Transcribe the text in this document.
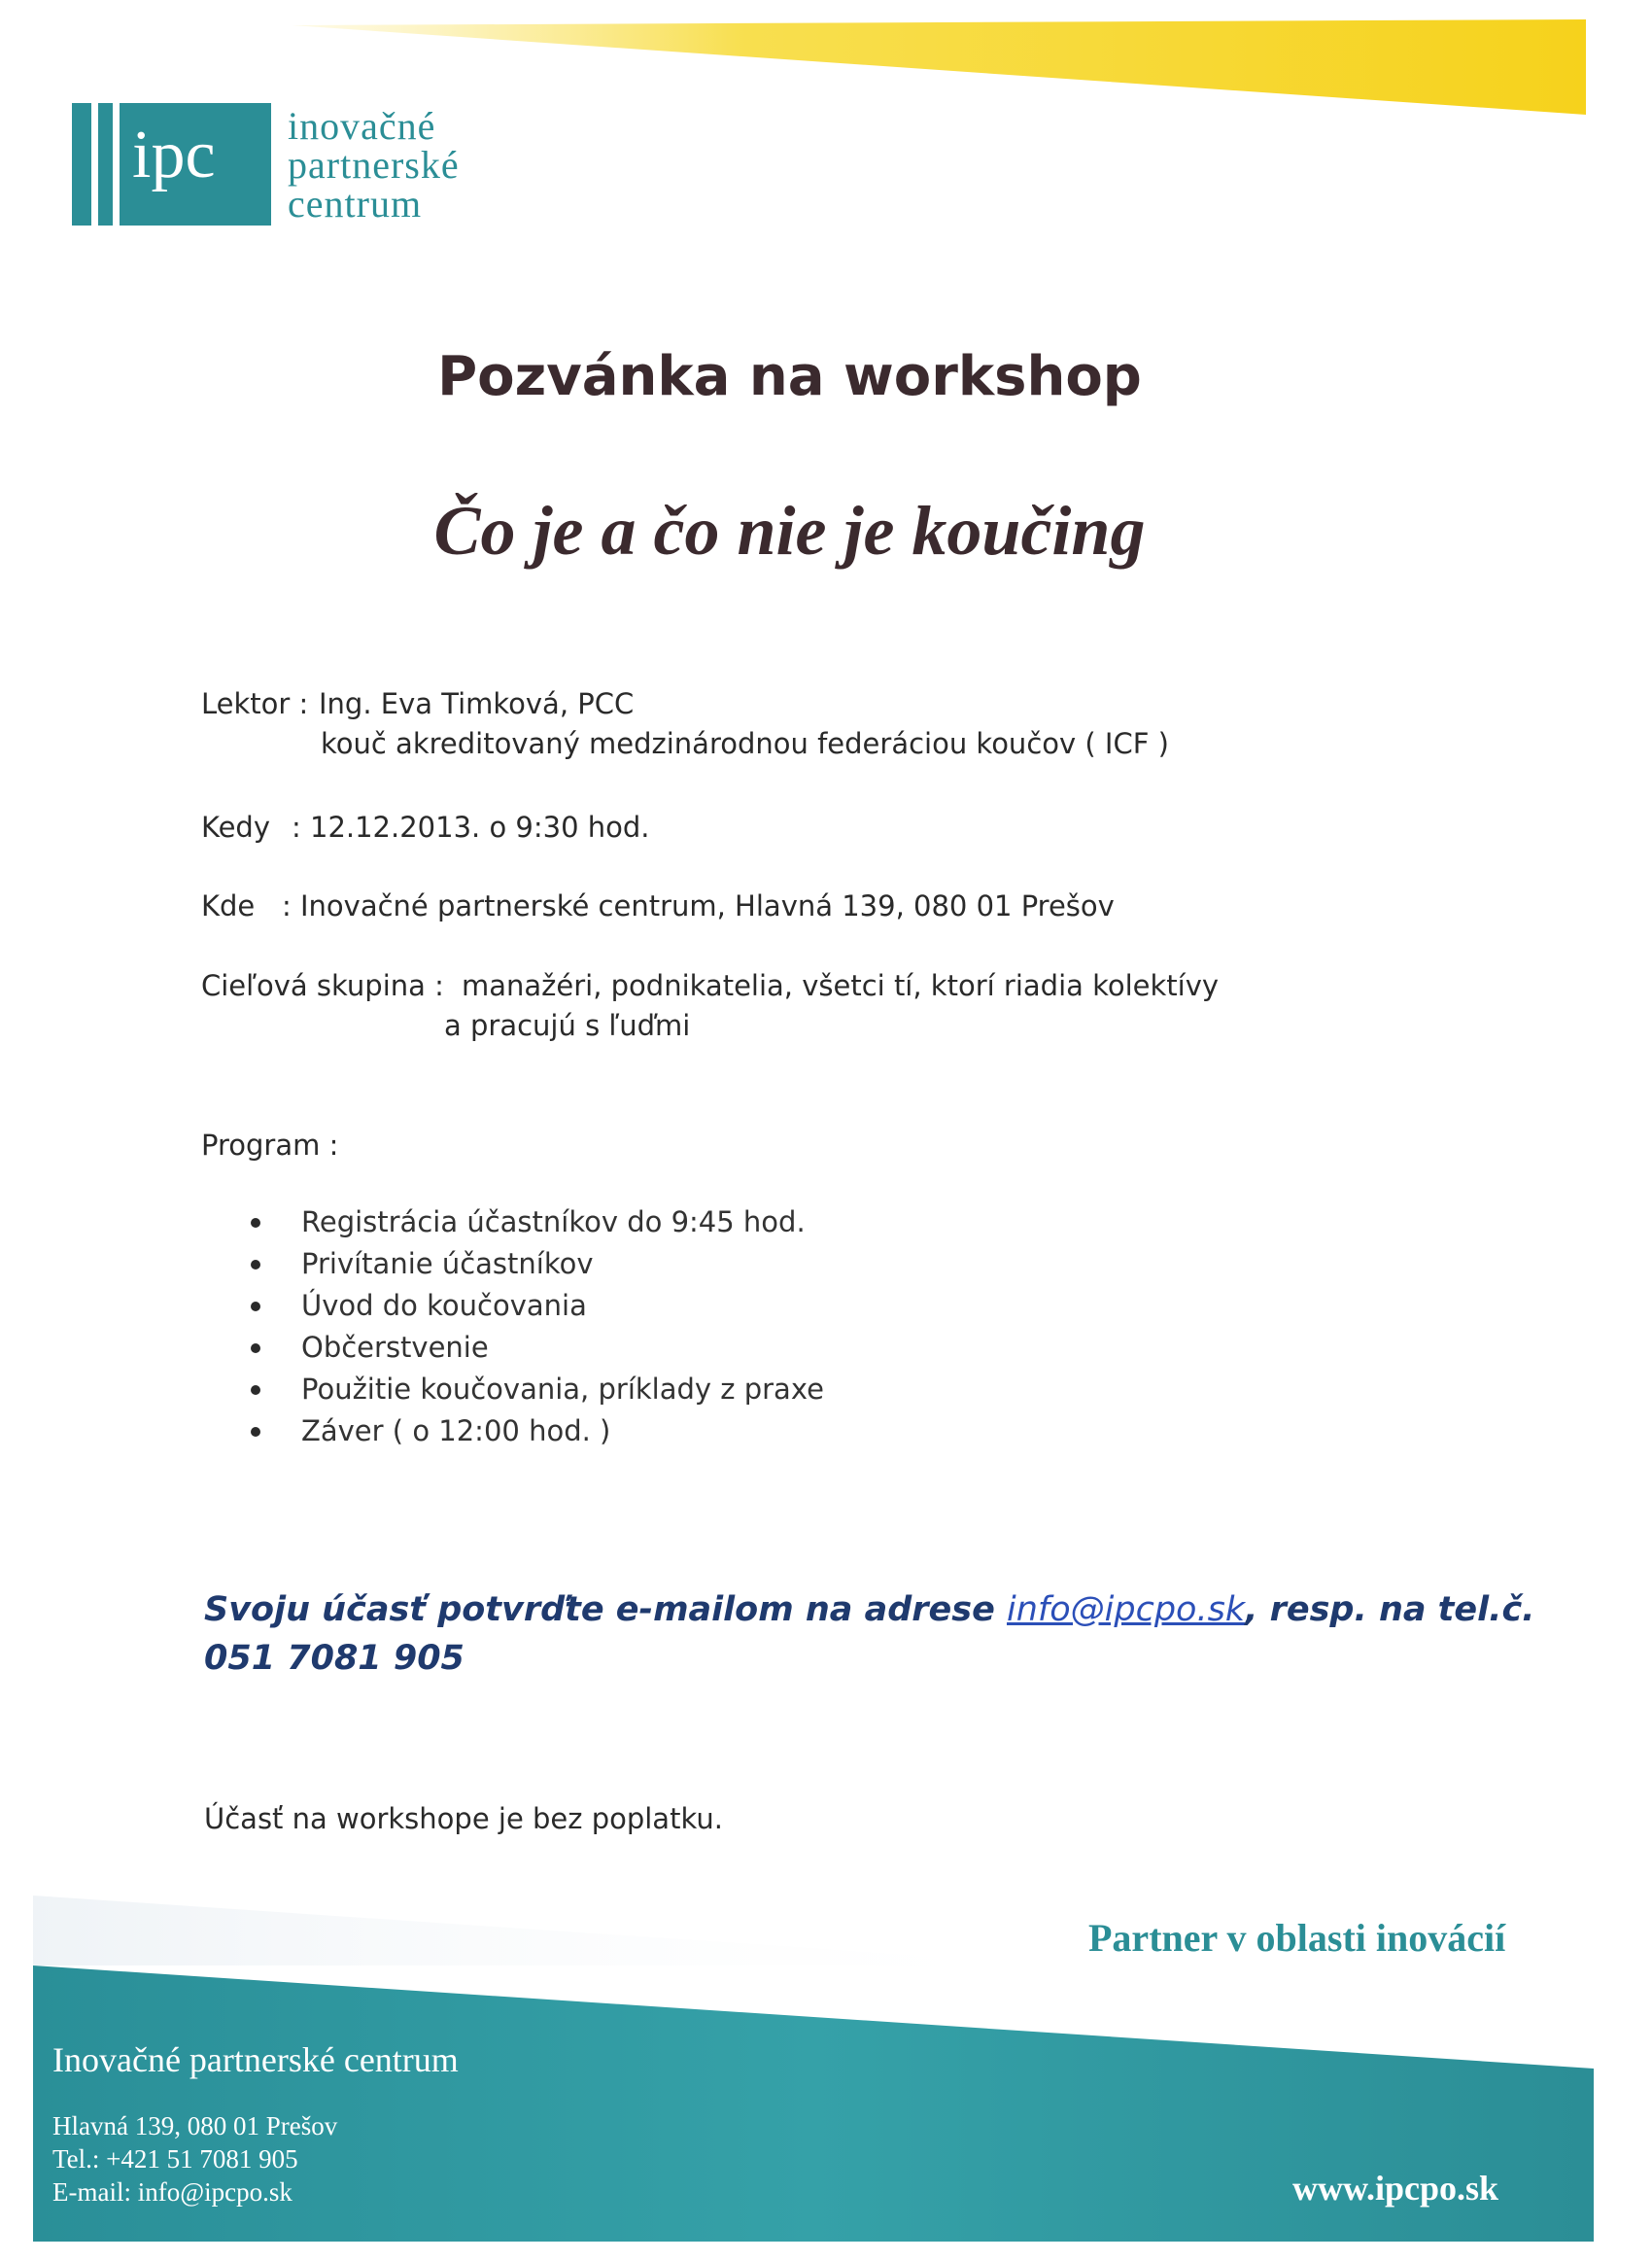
ipc inovačné
partnerské
centrum
Pozvánka na workshop
Čo je a čo nie je koučing
Lektor : Ing. Eva Timková, PCC
kouč akreditovaný medzinárodnou federáciou koučov ( ICF )
Kedy : 12.12.2013. o 9:30 hod.
Kde : Inovačné partnerské centrum, Hlavná 139, 080 01 Prešov
Cieľová skupina : manažéri, podnikatelia, všetci tí, ktorí riadia kolektívy
a pracujú s ľuďmi
Program :
Registrácia účastníkov do 9:45 hod.
Privítanie účastníkov
Úvod do koučovania
Občerstvenie
Použitie koučovania, príklady z praxe
Záver ( o 12:00 hod. )
Svoju účasť potvrďte e-mailom na adrese info@ipcpo.sk, resp. na tel.č.
051 7081 905
Účasť na workshope je bez poplatku.
Partner v oblasti inovácií
Inovačné partnerské centrum
Hlavná 139, 080 01 Prešov
Tel.: +421 51 7081 905
E-mail: info@ipcpo.sk	www.ipcpo.sk
